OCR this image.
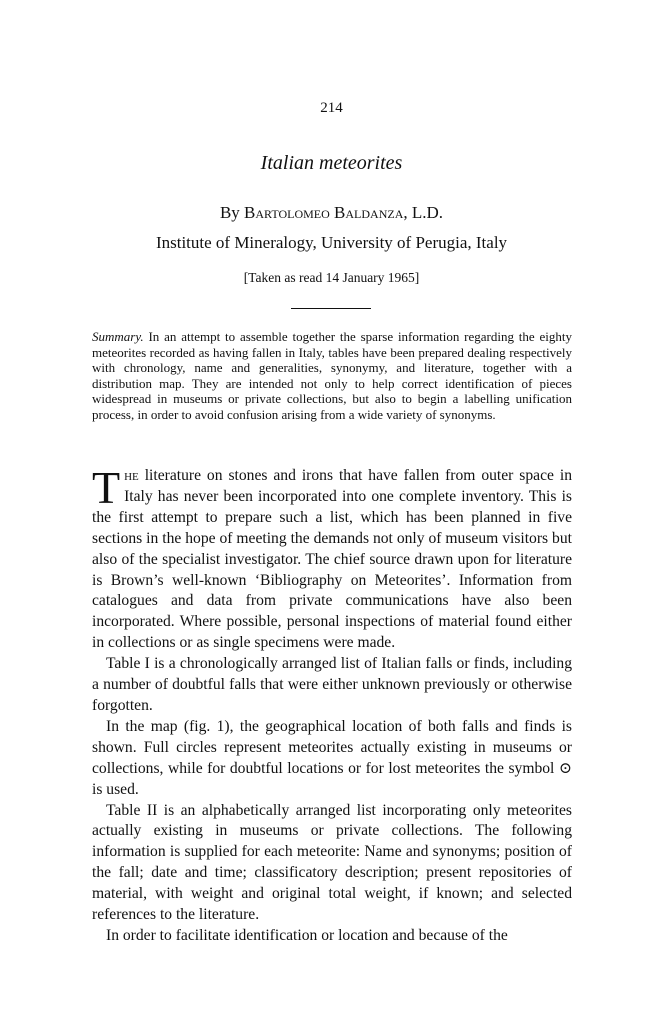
214
Italian meteorites
By Bartolomeo Baldanza, L.D.
Institute of Mineralogy, University of Perugia, Italy
[Taken as read 14 January 1965]
Summary. In an attempt to assemble together the sparse information regarding the eighty meteorites recorded as having fallen in Italy, tables have been prepared dealing respectively with chronology, name and generalities, synonymy, and literature, together with a distribution map. They are intended not only to help correct identification of pieces widespread in museums or private collections, but also to begin a labelling unification process, in order to avoid confusion arising from a wide variety of synonyms.

The literature on stones and irons that have fallen from outer space in Italy has never been incorporated into one complete inventory. This is the first attempt to prepare such a list, which has been planned in five sections in the hope of meeting the demands not only of museum visitors but also of the specialist investigator. The chief source drawn upon for literature is Brown’s well-known ‘Bibliography on Meteorites’. Information from catalogues and data from private communications have also been incorporated. Where possible, personal inspections of material found either in collections or as single specimens were made.

Table I is a chronologically arranged list of Italian falls or finds, including a number of doubtful falls that were either unknown previously or otherwise forgotten.

In the map (fig. 1), the geographical location of both falls and finds is shown. Full circles represent meteorites actually existing in museums or collections, while for doubtful locations or for lost meteorites the symbol ⊙ is used.

Table II is an alphabetically arranged list incorporating only meteorites actually existing in museums or private collections. The following information is supplied for each meteorite: Name and synonyms; position of the fall; date and time; classificatory description; present repositories of material, with weight and original total weight, if known; and selected references to the literature.

In order to facilitate identification or location and because of the
